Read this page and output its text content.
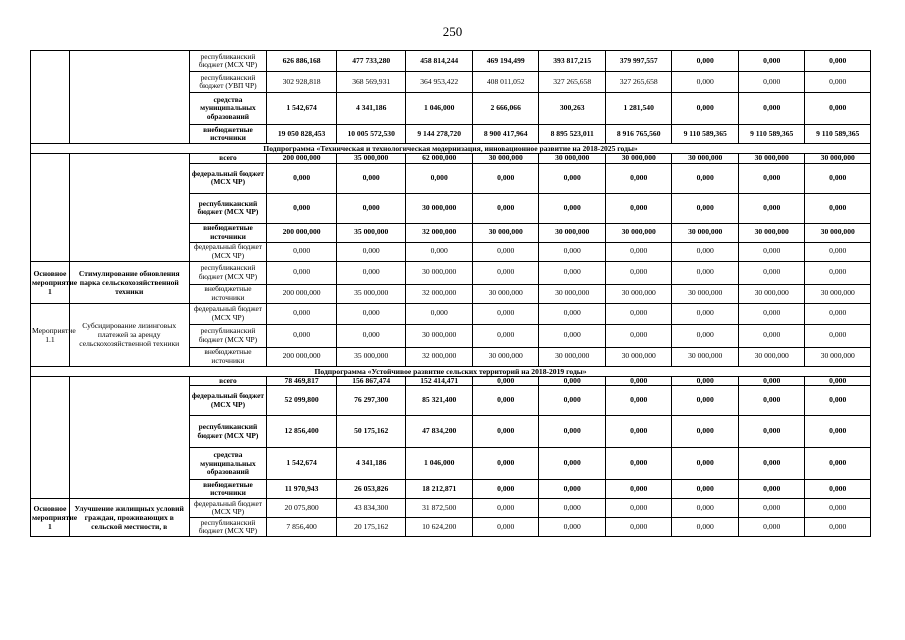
250
		республиканский бюджет (МСХ ЧР)	626 886,168	477 733,280	458 814,244	469 194,499	393 817,215	379 997,557	0,000	0,000	0,000
		республиканский бюджет (УВП ЧР)	302 928,818	368 569,931	364 953,422	408 011,052	327 265,658	327 265,658	0,000	0,000	0,000
		средства муниципальных образований	1 542,674	4 341,186	1 046,000	2 666,066	300,263	1 281,540	0,000	0,000	0,000
		внебюджетные источники	19 050 828,453	10 005 572,530	9 144 278,720	8 900 417,964	8 895 523,011	8 916 765,560	9 110 589,365	9 110 589,365	9 110 589,365
Подпрограмма «Техническая и технологическая модернизация, инновационное развитие на 2018-2025 годы»											
		всего	200 000,000	35 000,000	62 000,000	30 000,000	30 000,000	30 000,000	30 000,000	30 000,000	30 000,000
		федеральный бюджет (МСХ ЧР)	0,000	0,000	0,000	0,000	0,000	0,000	0,000	0,000	0,000
		республиканский бюджет (МСХ ЧР)	0,000	0,000	30 000,000	0,000	0,000	0,000	0,000	0,000	0,000
		внебюджетные источники	200 000,000	35 000,000	32 000,000	30 000,000	30 000,000	30 000,000	30 000,000	30 000,000	30 000,000
		федеральный бюджет (МСХ ЧР)	0,000	0,000	0,000	0,000	0,000	0,000	0,000	0,000	0,000
Основное мероприятие 1	Стимулирование обновления парка сельскохозяйственной техники	республиканский бюджет (МСХ ЧР)	0,000	0,000	30 000,000	0,000	0,000	0,000	0,000	0,000	0,000
		внебюджетные источники	200 000,000	35 000,000	32 000,000	30 000,000	30 000,000	30 000,000	30 000,000	30 000,000	30 000,000
Мероприятие 1.1	Субсидирование лизинговых платежей за аренду сельскохозяйственной техники	федеральный бюджет (МСХ ЧР)	0,000	0,000	0,000	0,000	0,000	0,000	0,000	0,000	0,000
		республиканский бюджет (МСХ ЧР)	0,000	0,000	30 000,000	0,000	0,000	0,000	0,000	0,000	0,000
		внебюджетные источники	200 000,000	35 000,000	32 000,000	30 000,000	30 000,000	30 000,000	30 000,000	30 000,000	30 000,000
Подпрограмма «Устойчивое развитие сельских территорий на 2018-2019 годы»											
		всего	78 469,817	156 867,474	152 414,471	0,000	0,000	0,000	0,000	0,000	0,000
		федеральный бюджет (МСХ ЧР)	52 099,800	76 297,300	85 321,400	0,000	0,000	0,000	0,000	0,000	0,000
		республиканский бюджет (МСХ ЧР)	12 856,400	50 175,162	47 834,200	0,000	0,000	0,000	0,000	0,000	0,000
		средства муниципальных образований	1 542,674	4 341,186	1 046,000	0,000	0,000	0,000	0,000	0,000	0,000
		внебюджетные источники	11 970,943	26 053,826	18 212,871	0,000	0,000	0,000	0,000	0,000	0,000
Основное мероприятие 1	Улучшение жилищных условий граждан, проживающих в сельской местности, в	федеральный бюджет (МСХ ЧР)	20 075,800	43 834,300	31 872,500	0,000	0,000	0,000	0,000	0,000	0,000
		республиканский бюджет (МСХ ЧР)	7 856,400	20 175,162	10 624,200	0,000	0,000	0,000	0,000	0,000	0,000
